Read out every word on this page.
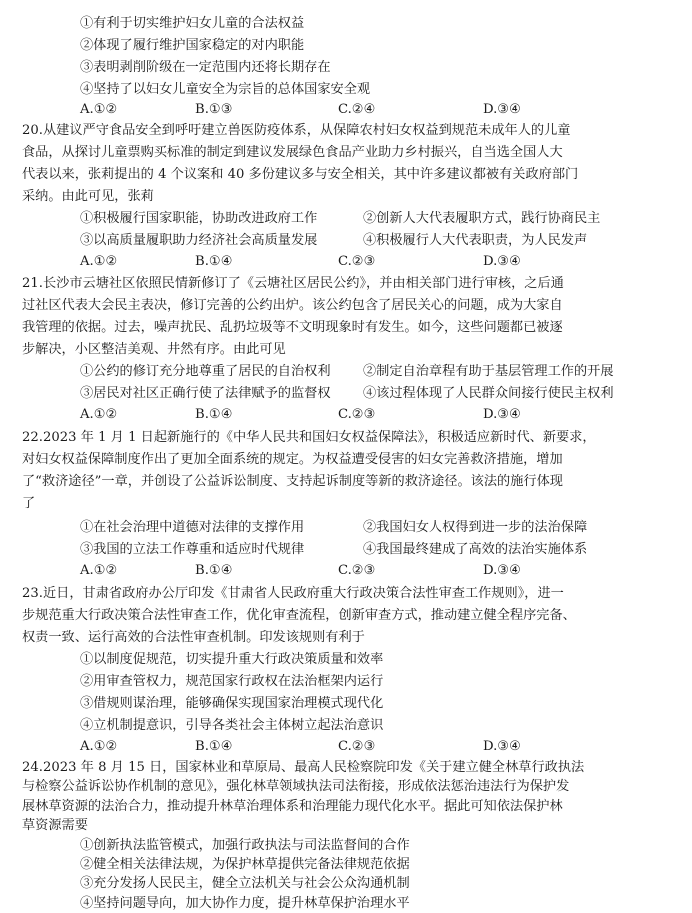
①有利于切实维护妇女儿童的合法权益
②体现了履行维护国家稳定的对内职能
③表明剥削阶级在一定范围内还将长期存在
④坚持了以妇女儿童安全为宗旨的总体国家安全观
A.①②	B.①③	C.②④	D.③④
20.从建议严守食品安全到呼吁建立兽医防疫体系，从保障农村妇女权益到规范未成年人的儿童
食品，从探讨儿童票购买标准的制定到建议发展绿色食品产业助力乡村振兴，自当选全国人大
代表以来，张莉提出的 4 个议案和 40 多份建议多与安全相关，其中许多建议都被有关政府部门
采纳。由此可见，张莉
①积极履行国家职能，协助改进政府工作	②创新人大代表履职方式，践行协商民主
③以高质量履职助力经济社会高质量发展	④积极履行人大代表职责，为人民发声
A.①②	B.①④	C.②③	D.③④
21.长沙市云塘社区依照民情新修订了《云塘社区居民公约》，并由相关部门进行审核，之后通
过社区代表大会民主表决，修订完善的公约出炉。该公约包含了居民关心的问题，成为大家自
我管理的依据。过去，噪声扰民、乱扔垃圾等不文明现象时有发生。如今，这些问题都已被逐
步解决，小区整洁美观、井然有序。由此可见
①公约的修订充分地尊重了居民的自治权利 ②制定自治章程有助于基层管理工作的开展
③居民对社区正确行使了法律赋予的监督权 ④该过程体现了人民群众间接行使民主权利
A.①②	B.①④	C.②③	D.③④
22.2023 年 1 月 1 日起新施行的《中华人民共和国妇女权益保障法》，积极适应新时代、新要求，
对妇女权益保障制度作出了更加全面系统的规定。为权益遭受侵害的妇女完善救济措施，增加
了“救济途径”一章，并创设了公益诉讼制度、支持起诉制度等新的救济途径。该法的施行体现
了
①在社会治理中道德对法律的支撑作用	②我国妇女人权得到进一步的法治保障
③我国的立法工作尊重和适应时代规律	④我国最终建成了高效的法治实施体系
A.①②	B.①④	C.②③	D.③④
23.近日，甘肃省政府办公厅印发《甘肃省人民政府重大行政决策合法性审查工作规则》，进一
步规范重大行政决策合法性审查工作，优化审查流程，创新审查方式，推动建立健全程序完备、
权责一致、运行高效的合法性审查机制。印发该规则有利于
①以制度促规范，切实提升重大行政决策质量和效率
②用审查管权力，规范国家行政权在法治框架内运行
③借规则谋治理，能够确保实现国家治理模式现代化
④立机制提意识，引导各类社会主体树立起法治意识
A.①②	B.①④	C.②③	D.③④
24.2023 年 8 月 15 日，国家林业和草原局、最高人民检察院印发《关于建立健全林草行政执法
与检察公益诉讼协作机制的意见》，强化林草领域执法司法衔接，形成依法惩治违法行为保护发
展林草资源的法治合力，推动提升林草治理体系和治理能力现代化水平。据此可知依法保护林
草资源需要
①创新执法监管模式，加强行政执法与司法监督间的合作
②健全相关法律法规，为保护林草提供完备法律规范依据
③充分发扬人民民主，健全立法机关与社会公众沟通机制
④坚持问题导向，加大协作力度，提升林草保护治理水平
